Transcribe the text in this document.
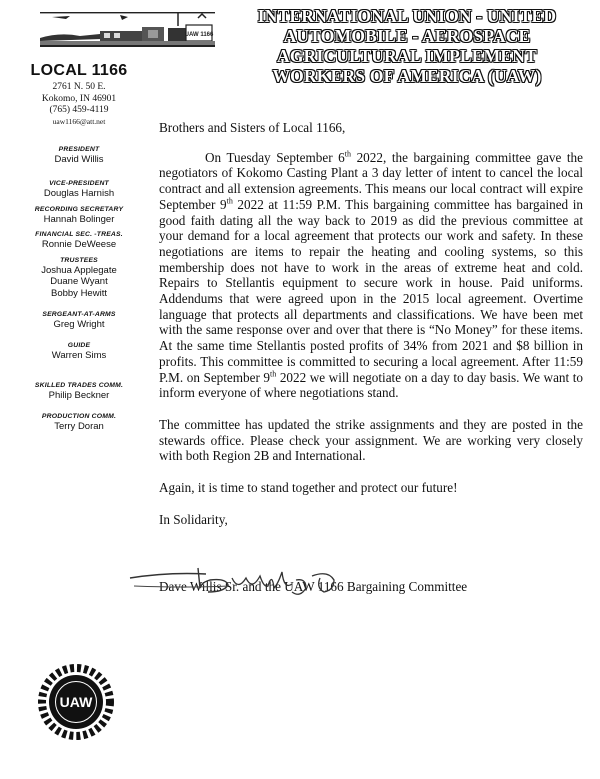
UAW 1166
INTERNATIONAL UNION - UNITED
AUTOMOBILE - AEROSPACE
AGRICULTURAL IMPLEMENT
WORKERS OF AMERICA (UAW)
LOCAL 1166
2761 N. 50 E.
Kokomo, IN 46901
(765) 459-4119
uaw1166@att.net
PRESIDENT
David Willis
VICE-PRESIDENT
Douglas Harnish
RECORDING SECRETARY
Hannah Bolinger
FINANCIAL SEC. -TREAS.
Ronnie DeWeese
TRUSTEES
Joshua Applegate
Duane Wyant
Bobby Hewitt
SERGEANT-AT-ARMS
Greg Wright
GUIDE
Warren Sims
SKILLED TRADES COMM.
Philip Beckner
PRODUCTION COMM.
Terry Doran

Brothers and Sisters of Local 1166,

On Tuesday September 6th 2022, the bargaining committee gave the negotiators of Kokomo Casting Plant a 3 day letter of intent to cancel the local contract and all extension agreements. This means our local contract will expire September 9th 2022 at 11:59 P.M. This bargaining committee has bargained in good faith dating all the way back to 2019 as did the previous committee at your demand for a local agreement that protects our work and safety. In these negotiations are items to repair the heating and cooling systems, so this membership does not have to work in the areas of extreme heat and cold. Repairs to Stellantis equipment to secure work in house. Paid uniforms. Addendums that were agreed upon in the 2015 local agreement. Overtime language that protects all departments and classifications. We have been met with the same response over and over that there is “No Money” for these items. At the same time Stellantis posted profits of 34% from 2021 and $8 billion in profits. This committee is committed to securing a local agreement. After 11:59 P.M. on September 9th 2022 we will negotiate on a day to day basis. We want to inform everyone of where negotiations stand.

The committee has updated the strike assignments and they are posted in the stewards office. Please check your assignment. We are working very closely with both Region 2B and International.

Again, it is time to stand together and protect our future!

In Solidarity,

Dave Willis Sr. and the UAW 1166 Bargaining Committee

UAW
